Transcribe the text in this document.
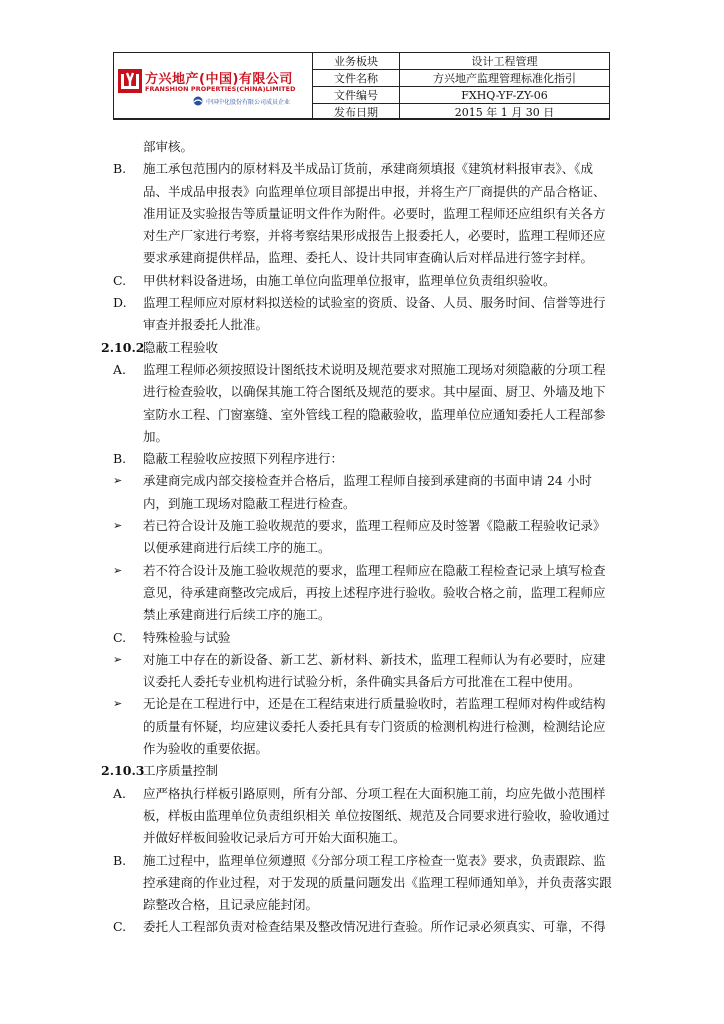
方兴地产(中国)有限公司
FRANSHION PROPERTIES(CHINA)LIMITED
中国中化股份有限公司成员企业
业务板块	设计工程管理
文件名称	方兴地产监理管理标准化指引
文件编号	FXHQ-YF-ZY-06
发布日期	2015 年 1 月 30 日
部审核。
B. 施工承包范围内的原材料及半成品订货前，承建商须填报《建筑材料报审表》、《成品、半成品申报表》向监理单位项目部提出申报，并将生产厂商提供的产品合格证、准用证及实验报告等质量证明文件作为附件。必要时，监理工程师还应组织有关各方对生产厂家进行考察，并将考察结果形成报告上报委托人，必要时，监理工程师还应要求承建商提供样品，监理、委托人、设计共同审查确认后对样品进行签字封样。
C. 甲供材料设备进场，由施工单位向监理单位报审，监理单位负责组织验收。
D. 监理工程师应对原材料拟送检的试验室的资质、设备、人员、服务时间、信誉等进行审查并报委托人批准。
2.10.2
隐蔽工程验收
A. 监理工程师必须按照设计图纸技术说明及规范要求对照施工现场对须隐蔽的分项工程进行检查验收，以确保其施工符合图纸及规范的要求。其中屋面、厨卫、外墙及地下室防水工程、门窗塞缝、室外管线工程的隐蔽验收，监理单位应通知委托人工程部参加。
B. 隐蔽工程验收应按照下列程序进行：
➢ 承建商完成内部交接检查并合格后，监理工程师自接到承建商的书面申请 24 小时内，到施工现场对隐蔽工程进行检查。
➢ 若已符合设计及施工验收规范的要求，监理工程师应及时签署《隐蔽工程验收记录》以便承建商进行后续工序的施工。
➢ 若不符合设计及施工验收规范的要求，监理工程师应在隐蔽工程检查记录上填写检查意见，待承建商整改完成后，再按上述程序进行验收。验收合格之前，监理工程师应禁止承建商进行后续工序的施工。
C. 特殊检验与试验
➢ 对施工中存在的新设备、新工艺、新材料、新技术，监理工程师认为有必要时，应建议委托人委托专业机构进行试验分析，条件确实具备后方可批准在工程中使用。
➢ 无论是在工程进行中，还是在工程结束进行质量验收时，若监理工程师对构件或结构的质量有怀疑，均应建议委托人委托具有专门资质的检测机构进行检测，检测结论应作为验收的重要依据。
2.10.3
工序质量控制
A. 应严格执行样板引路原则，所有分部、分项工程在大面积施工前，均应先做小范围样板，样板由监理单位负责组织相关 单位按图纸、规范及合同要求进行验收，验收通过并做好样板间验收记录后方可开始大面积施工。
B. 施工过程中，监理单位须遵照《分部分项工程工序检查一览表》要求，负责跟踪、监控承建商的作业过程，对于发现的质量问题发出《监理工程师通知单》，并负责落实跟踪整改合格，且记录应能封闭。
C. 委托人工程部负责对检查结果及整改情况进行查验。所作记录必须真实、可靠，不得
